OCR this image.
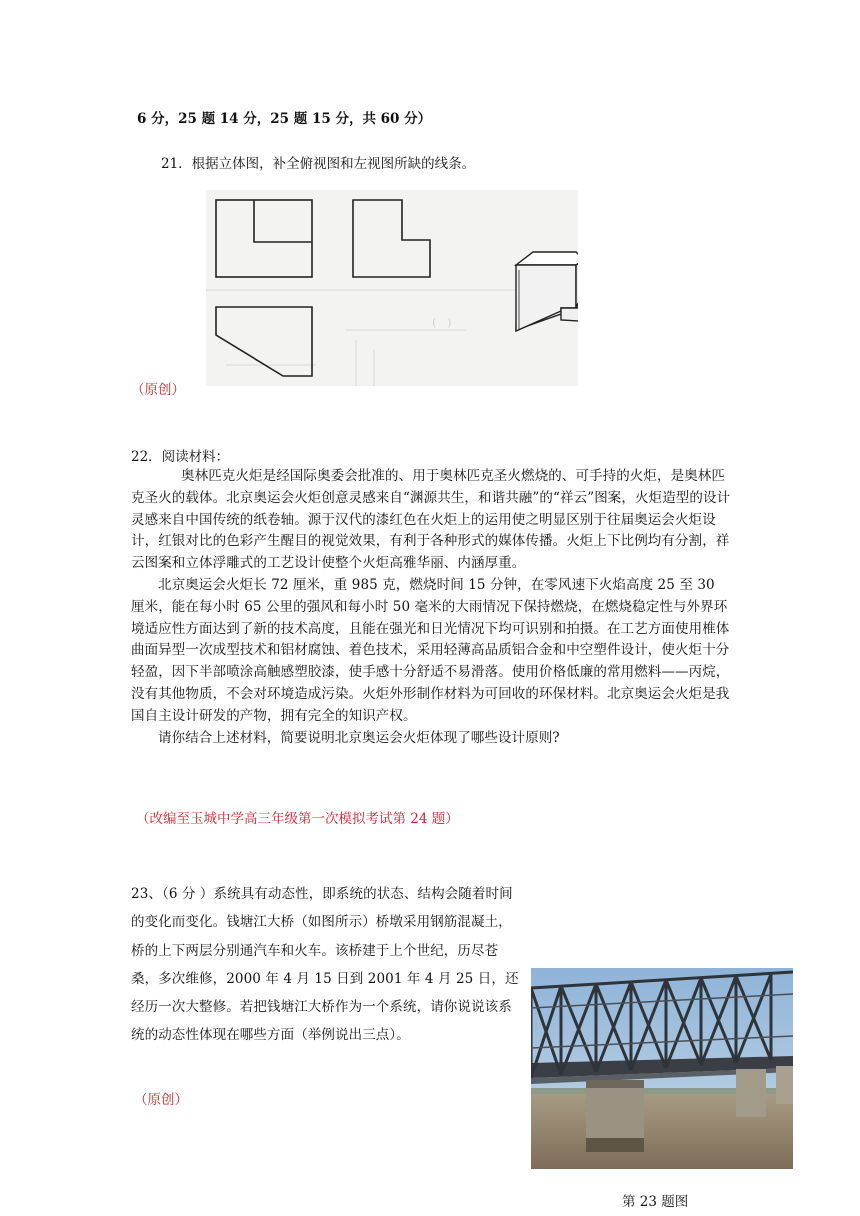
6 分，25 题 14 分，25 题 15 分，共 60 分）
21．根据立体图，补全俯视图和左视图所缺的线条。
(　)
（原创）
22．阅读材料：

奥林匹克火炬是经国际奥委会批准的、用于奥林匹克圣火燃烧的、可手持的火炬，是奥林匹克圣火的载体。北京奥运会火炬创意灵感来自“渊源共生，和谐共融”的“祥云”图案，火炬造型的设计灵感来自中国传统的纸卷轴。源于汉代的漆红色在火炬上的运用使之明显区别于往届奥运会火炬设计，红银对比的色彩产生醒目的视觉效果，有利于各种形式的媒体传播。火炬上下比例均有分割，祥云图案和立体浮雕式的工艺设计使整个火炬高雅华丽、内涵厚重。

北京奥运会火炬长 72 厘米，重 985 克，燃烧时间 15 分钟，在零风速下火焰高度 25 至 30 厘米，能在每小时 65 公里的强风和每小时 50 毫米的大雨情况下保持燃烧，在燃烧稳定性与外界环境适应性方面达到了新的技术高度，且能在强光和日光情况下均可识别和拍摄。在工艺方面使用椎体曲面异型一次成型技术和铝材腐蚀、着色技术，采用轻薄高品质铝合金和中空塑件设计，使火炬十分轻盈，因下半部喷涂高触感塑胶漆，使手感十分舒适不易滑落。使用价格低廉的常用燃料——丙烷，没有其他物质，不会对环境造成污染。火炬外形制作材料为可回收的环保材料。北京奥运会火炬是我国自主设计研发的产物，拥有完全的知识产权。

请你结合上述材料，简要说明北京奥运会火炬体现了哪些设计原则?

（改编至玉城中学高三年级第一次模拟考试第 24 题）

23、（6 分 ）系统具有动态性，即系统的状态、结构会随着时间的变化而变化。钱塘江大桥（如图所示）桥墩采用钢筋混凝土，桥的上下两层分别通汽车和火车。该桥建于上个世纪，历尽苍桑，多次维修，2000 年 4 月 15 日到 2001 年 4 月 25 日，还经历一次大整修。若把钱塘江大桥作为一个系统，请你说说该系统的动态性体现在哪些方面（举例说出三点）。

（原创）
第 23 题图
